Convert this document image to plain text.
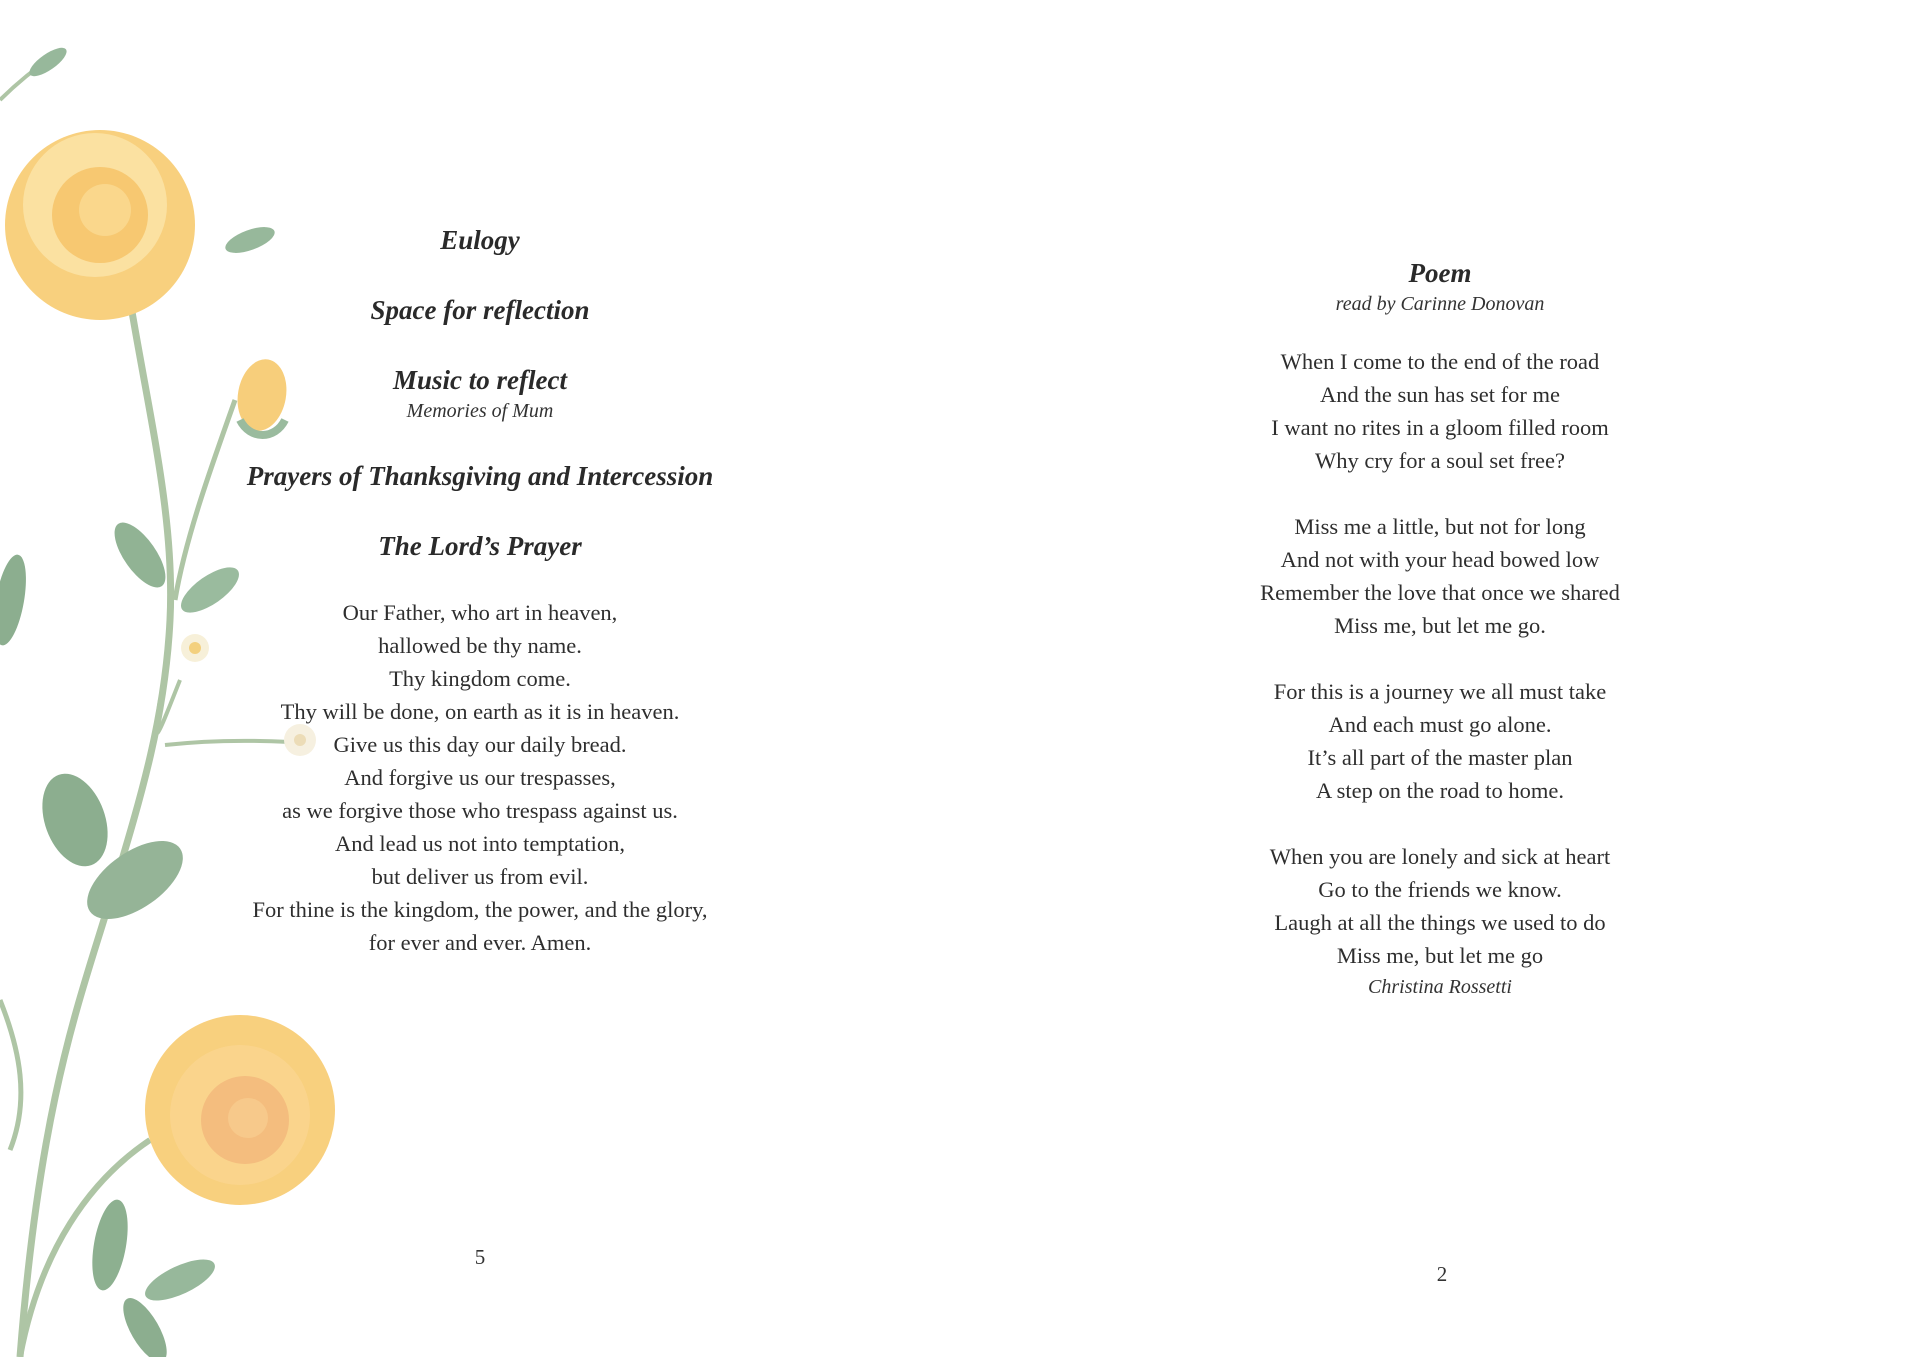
Eulogy

Space for reflection

Music to reflect

Memories of Mum

Prayers of Thanksgiving and Intercession

The Lord’s Prayer

Our Father, who art in heaven,
hallowed be thy name.
Thy kingdom come.
Thy will be done, on earth as it is in heaven.
Give us this day our daily bread.
And forgive us our trespasses,
as we forgive those who trespass against us.
And lead us not into temptation,
but deliver us from evil.
For thine is the kingdom, the power, and the glory,
for ever and ever. Amen.
5

Poem

read by Carinne Donovan

When I come to the end of the road
And the sun has set for me
I want no rites in a gloom filled room
Why cry for a soul set free?
Miss me a little, but not for long
And not with your head bowed low
Remember the love that once we shared
Miss me, but let me go.
For this is a journey we all must take
And each must go alone.
It’s all part of the master plan
A step on the road to home.
When you are lonely and sick at heart
Go to the friends we know.
Laugh at all the things we used to do
Miss me, but let me go

Christina Rossetti

2
